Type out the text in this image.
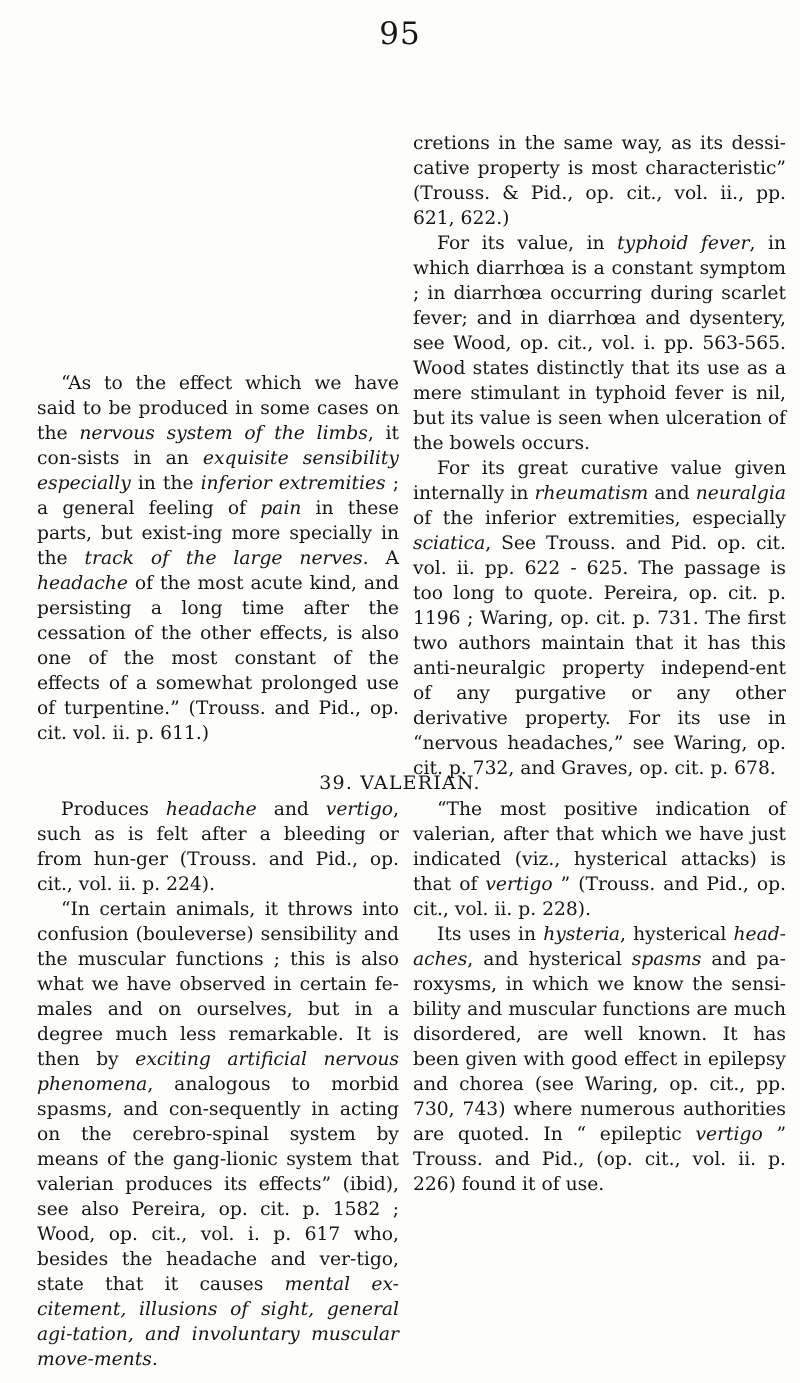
95

cretions in the same way, as its dessi-cative property is most characteristic” (Trouss. & Pid., op. cit., vol. ii., pp. 621, 622.)

For its value, in typhoid fever, in which diarrhœa is a constant symptom ; in diarrhœa occurring during scarlet fever; and in diarrhœa and dysentery, see Wood, op. cit., vol. i. pp. 563-565. Wood states distinctly that its use as a mere stimulant in typhoid fever is nil, but its value is seen when ulceration of the bowels occurs.

For its great curative value given internally in rheumatism and neuralgia of the inferior extremities, especially sciatica, See Trouss. and Pid. op. cit. vol. ii. pp. 622 - 625. The passage is too long to quote. Pereira, op. cit. p. 1196 ; Waring, op. cit. p. 731. The first two authors maintain that it has this anti-neuralgic property independ-ent of any purgative or any other derivative property. For its use in “nervous headaches,” see Waring, op. cit. p. 732, and Graves, op. cit. p. 678.

“As to the effect which we have said to be produced in some cases on the nervous system of the limbs, it con-sists in an exquisite sensibility especially in the inferior extremities ; a general feeling of pain in these parts, but exist-ing more specially in the track of the large nerves. A headache of the most acute kind, and persisting a long time after the cessation of the other effects, is also one of the most constant of the effects of a somewhat prolonged use of turpentine.” (Trouss. and Pid., op. cit. vol. ii. p. 611.)

39. VALERIAN.

Produces headache and vertigo, such as is felt after a bleeding or from hun-ger (Trouss. and Pid., op. cit., vol. ii. p. 224).

“In certain animals, it throws into confusion (bouleverse) sensibility and the muscular functions ; this is also what we have observed in certain fe-males and on ourselves, but in a degree much less remarkable. It is then by exciting artificial nervous phenomena, analogous to morbid spasms, and con-sequently in acting on the cerebro-spinal system by means of the gang-lionic system that valerian produces its effects” (ibid), see also Pereira, op. cit. p. 1582 ; Wood, op. cit., vol. i. p. 617 who, besides the headache and ver-tigo, state that it causes mental ex-citement, illusions of sight, general agi-tation, and involuntary muscular move-ments.

“The most positive indication of valerian, after that which we have just indicated (viz., hysterical attacks) is that of vertigo ” (Trouss. and Pid., op. cit., vol. ii. p. 228).

Its uses in hysteria, hysterical head-aches, and hysterical spasms and pa-roxysms, in which we know the sensi-bility and muscular functions are much disordered, are well known. It has been given with good effect in epilepsy and chorea (see Waring, op. cit., pp. 730, 743) where numerous authorities are quoted. In “ epileptic vertigo ” Trouss. and Pid., (op. cit., vol. ii. p. 226) found it of use.
